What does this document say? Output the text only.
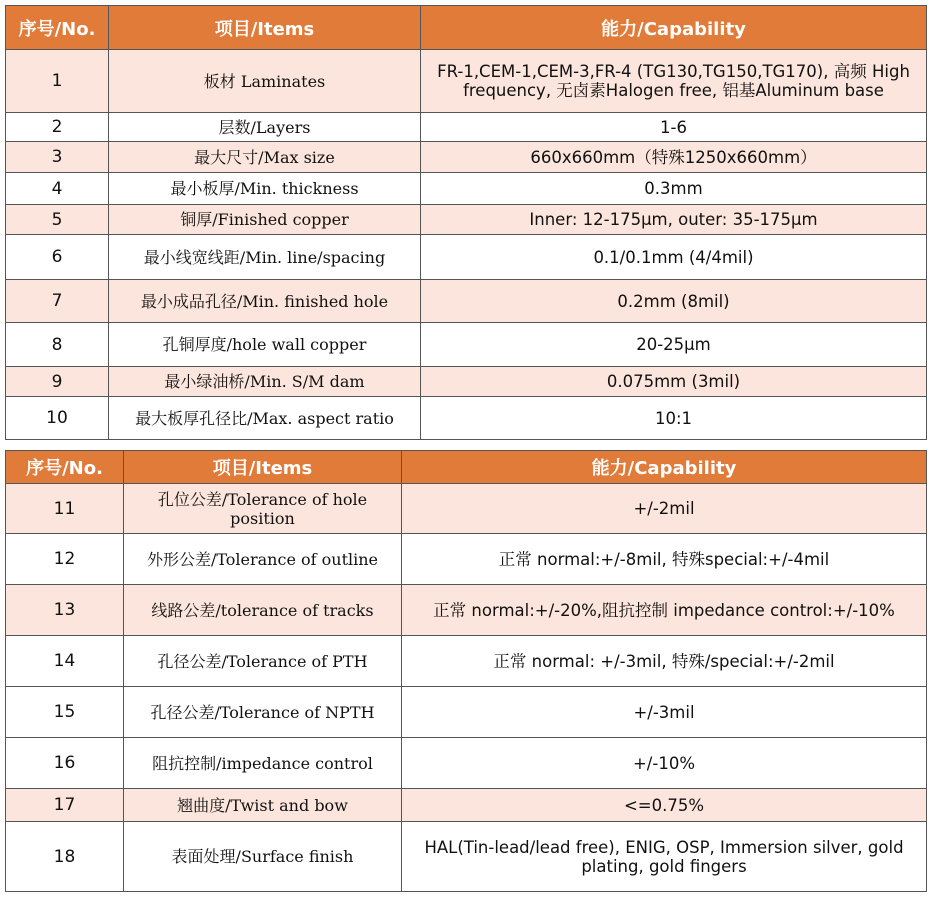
序号/No.	项目/Items	能力/Capability
1	板材 Laminates	FR-1,CEM-1,CEM-3,FR-4 (TG130,TG150,TG170), 高频 High frequency, 无卤素Halogen free, 铝基Aluminum base
2	层数/Layers	1-6
3	最大尺寸/Max size	660x660mm（特殊1250x660mm）
4	最小板厚/Min. thickness	0.3mm
5	铜厚/Finished copper	Inner: 12-175μm, outer: 35-175μm
6	最小线宽线距/Min. line/spacing	0.1/0.1mm (4/4mil)
7	最小成品孔径/Min. finished hole	0.2mm (8mil)
8	孔铜厚度/hole wall copper	20-25μm
9	最小绿油桥/Min. S/M dam	0.075mm (3mil)
10	最大板厚孔径比/Max. aspect ratio	10:1
序号/No.	项目/Items	能力/Capability
11	孔位公差/Tolerance of hole position	+/-2mil
12	外形公差/Tolerance of outline	正常 normal:+/-8mil, 特殊special:+/-4mil
13	线路公差/tolerance of tracks	正常 normal:+/-20%,阻抗控制 impedance control:+/-10%
14	孔径公差/Tolerance of PTH	正常 normal: +/-3mil, 特殊/special:+/-2mil
15	孔径公差/Tolerance of NPTH	+/-3mil
16	阻抗控制/impedance control	+/-10%
17	翘曲度/Twist and bow	<=0.75%
18	表面处理/Surface finish	HAL(Tin-lead/lead free), ENIG, OSP, Immersion silver, gold plating, gold fingers
